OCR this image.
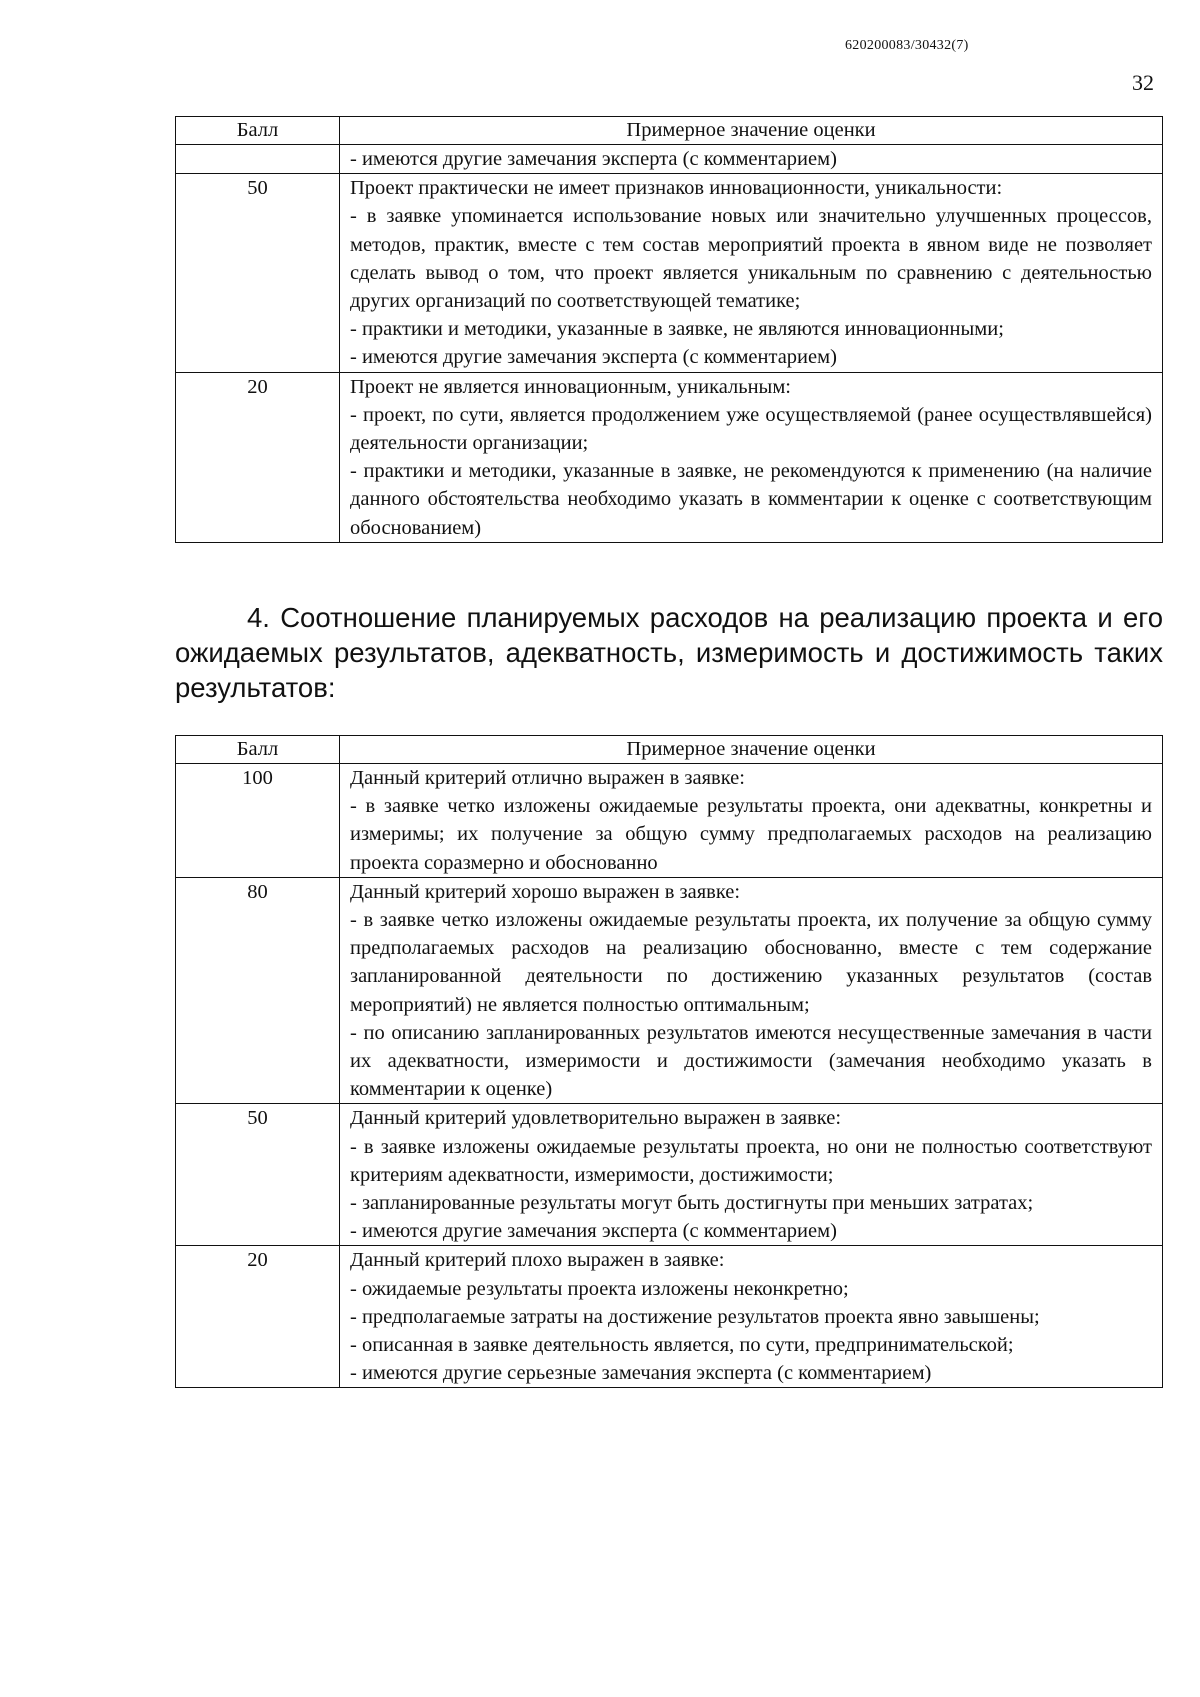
620200083/30432(7)
32
Балл	Примерное значение оценки

	- имеются другие замечания эксперта (с комментарием)

50	Проект практически не имеет признаков инновационности, уникальности:
- в заявке упоминается использование новых или значительно улучшенных процессов, методов, практик, вместе с тем состав мероприятий проекта в явном виде не позволяет сделать вывод о том, что проект является уникальным по сравнению с деятельностью других организаций по соответствующей тематике;
- практики и методики, указанные в заявке, не являются инновационными;
- имеются другие замечания эксперта (с комментарием)

20	Проект не является инновационным, уникальным:
- проект, по сути, является продолжением уже осуществляемой (ранее осуществлявшейся) деятельности организации;
- практики и методики, указанные в заявке, не рекомендуются к применению (на наличие данного обстоятельства необходимо указать в комментарии к оценке с соответствующим обоснованием)
4. Соотношение планируемых расходов на реализацию проекта и его ожидаемых результатов, адекватность, измеримость и достижимость таких результатов:
Балл	Примерное значение оценки
100	Данный критерий отлично выражен в заявке:
- в заявке четко изложены ожидаемые результаты проекта, они адекватны, конкретны и измеримы; их получение за общую сумму предполагаемых расходов на реализацию проекта соразмерно и обоснованно

80	Данный критерий хорошо выражен в заявке:
- в заявке четко изложены ожидаемые результаты проекта, их получение за общую сумму предполагаемых расходов на реализацию обоснованно, вместе с тем содержание запланированной деятельности по достижению указанных результатов (состав мероприятий) не является полностью оптимальным;
- по описанию запланированных результатов имеются несущественные замечания в части их адекватности, измеримости и достижимости (замечания необходимо указать в комментарии к оценке)

50	Данный критерий удовлетворительно выражен в заявке:
- в заявке изложены ожидаемые результаты проекта, но они не полностью соответствуют критериям адекватности, измеримости, достижимости;
- запланированные результаты могут быть достигнуты при меньших затратах;
- имеются другие замечания эксперта (с комментарием)

20	Данный критерий плохо выражен в заявке:
- ожидаемые результаты проекта изложены неконкретно;
- предполагаемые затраты на достижение результатов проекта явно завышены;
- описанная в заявке деятельность является, по сути, предпринимательской;
- имеются другие серьезные замечания эксперта (с комментарием)
